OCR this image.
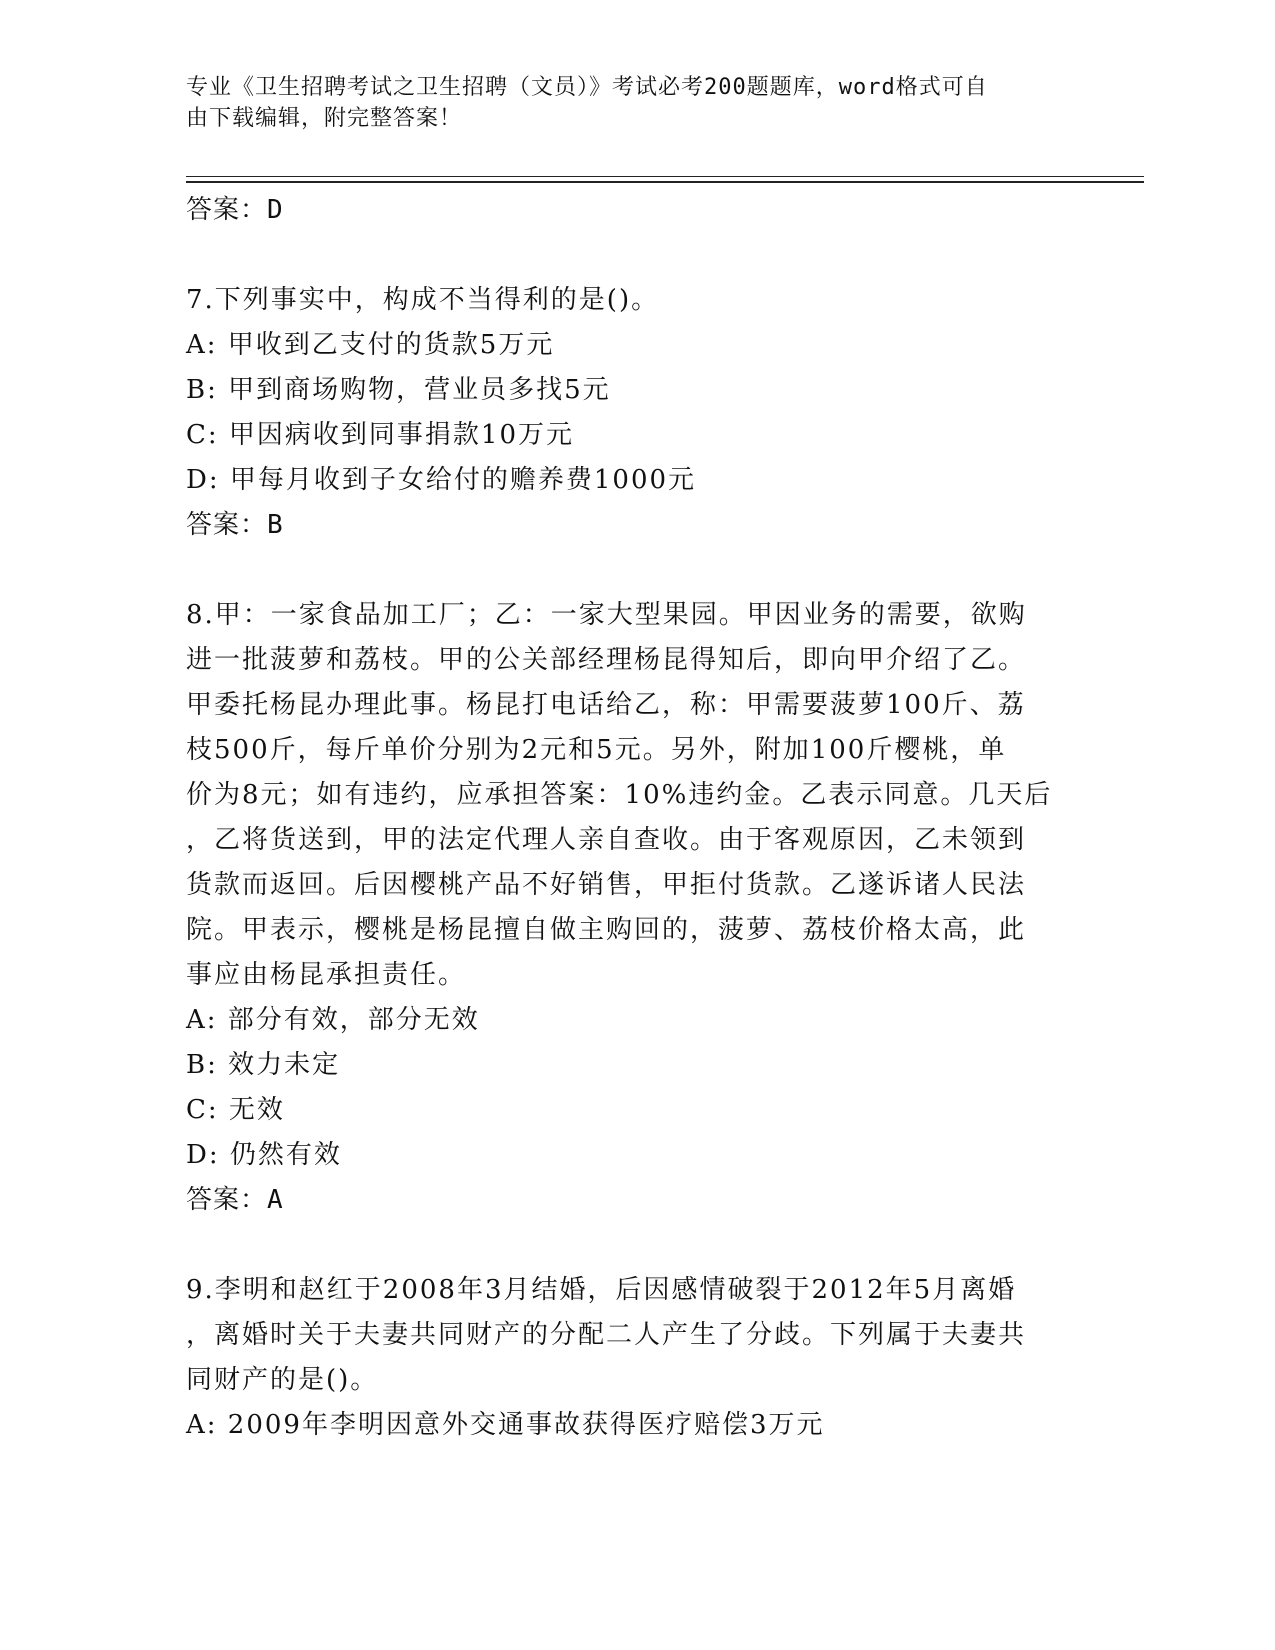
专业《卫生招聘考试之卫生招聘（文员）》考试必考200题题库，word格式可自
由下载编辑，附完整答案！
答案：D
7.下列事实中，构成不当得利的是()。
A: 甲收到乙支付的货款5万元
B: 甲到商场购物，营业员多找5元
C: 甲因病收到同事捐款10万元
D: 甲每月收到子女给付的赡养费1000元
答案：B
8.甲：一家食品加工厂；乙：一家大型果园。甲因业务的需要，欲购
进一批菠萝和荔枝。甲的公关部经理杨昆得知后，即向甲介绍了乙。
甲委托杨昆办理此事。杨昆打电话给乙，称：甲需要菠萝100斤、荔
枝500斤，每斤单价分别为2元和5元。另外，附加100斤樱桃，单
价为8元；如有违约，应承担答案：10%违约金。乙表示同意。几天后
，乙将货送到，甲的法定代理人亲自查收。由于客观原因，乙未领到
货款而返回。后因樱桃产品不好销售，甲拒付货款。乙遂诉诸人民法
院。甲表示，樱桃是杨昆擅自做主购回的，菠萝、荔枝价格太高，此
事应由杨昆承担责任。
A: 部分有效，部分无效
B: 效力未定
C: 无效
D: 仍然有效
答案：A
9.李明和赵红于2008年3月结婚，后因感情破裂于2012年5月离婚
，离婚时关于夫妻共同财产的分配二人产生了分歧。下列属于夫妻共
同财产的是()。
A: 2009年李明因意外交通事故获得医疗赔偿3万元
